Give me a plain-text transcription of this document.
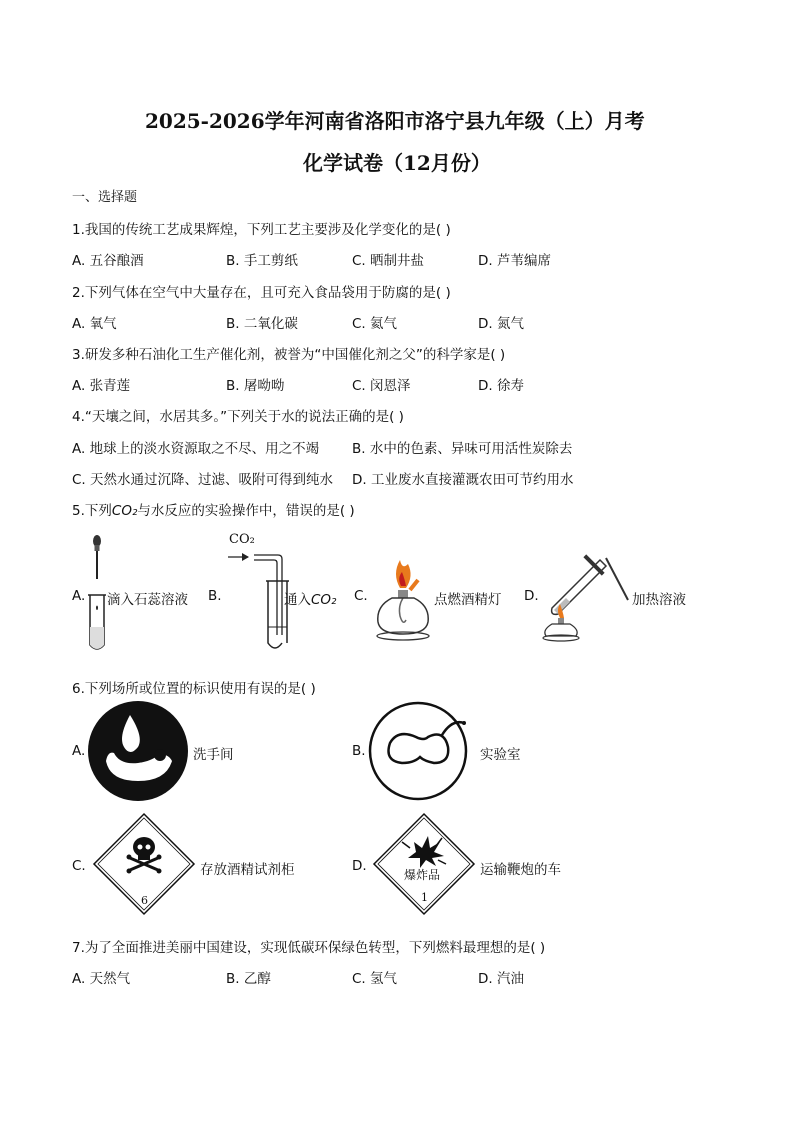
2025-2026学年河南省洛阳市洛宁县九年级（上）月考
化学试卷（12月份）
一、选择题
1.我国的传统工艺成果辉煌，下列工艺主要涉及化学变化的是( )
A. 五谷酿酒	B. 手工剪纸	C. 晒制井盐	D. 芦苇编席
2.下列气体在空气中大量存在，且可充入食品袋用于防腐的是( )
A. 氧气	B. 二氧化碳	C. 氦气	D. 氮气
3.研发多种石油化工生产催化剂，被誉为“中国催化剂之父”的科学家是( )
A. 张青莲	B. 屠呦呦	C. 闵恩泽	D. 徐寿
4.“天壤之间，水居其多。”下列关于水的说法正确的是( )
A. 地球上的淡水资源取之不尽、用之不竭 B. 水中的色素、异味可用活性炭除去
C. 天然水通过沉降、过滤、吸附可得到纯水 D. 工业废水直接灌溉农田可节约用水
5.下列CO₂与水反应的实验操作中，错误的是( )
A. 滴入石蕊溶液 B.
CO₂
通入CO₂ C.	点燃酒精灯 D.	加热溶液
6.下列场所或位置的标识使用有误的是( )
A.	洗手间	B.	实验室
C.
6
存放酒精试剂柜	D.
爆炸品
1
运输鞭炮的车
7.为了全面推进美丽中国建设，实现低碳环保绿色转型，下列燃料最理想的是( )
A. 天然气	B. 乙醇	C. 氢气	D. 汽油
